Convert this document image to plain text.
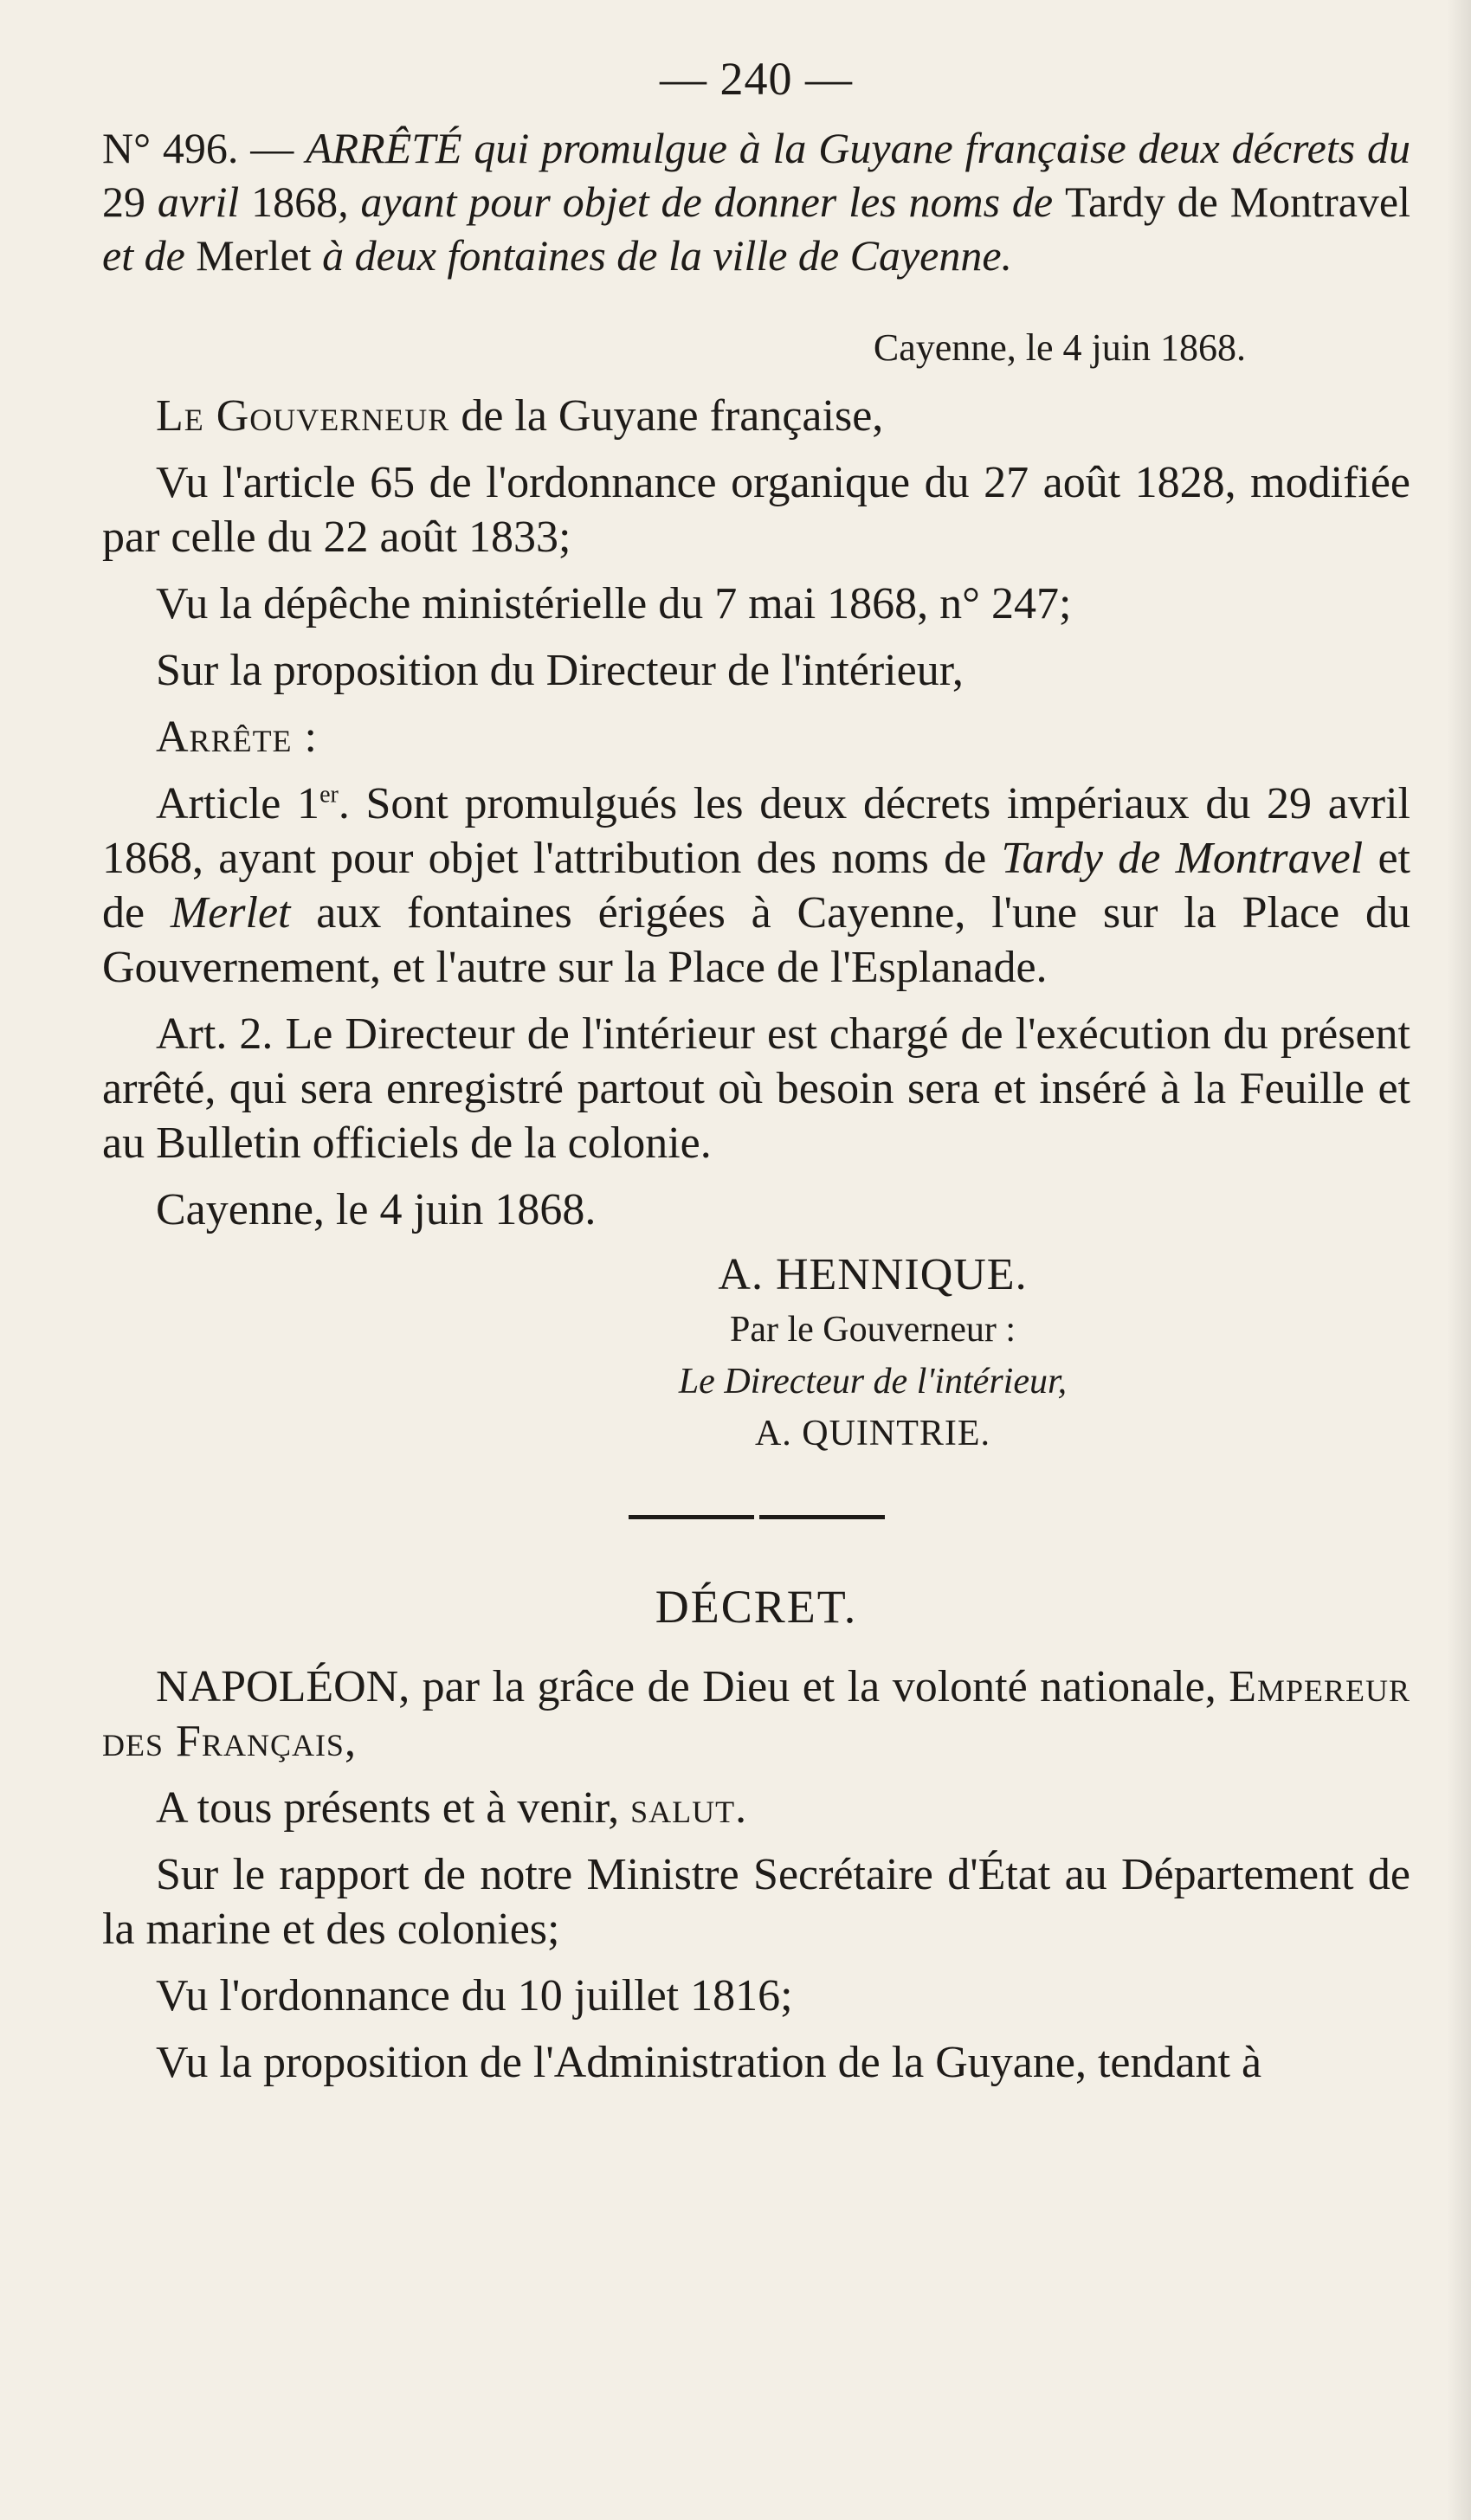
— 240 —

N° 496. — ARRÊTÉ qui promulgue à la Guyane française deux décrets du 29 avril 1868, ayant pour objet de donner les noms de Tardy de Montravel et de Merlet à deux fontaines de la ville de Cayenne.

Cayenne, le 4 juin 1868.

Le Gouverneur de la Guyane française,

Vu l'article 65 de l'ordonnance organique du 27 août 1828, modifiée par celle du 22 août 1833;

Vu la dépêche ministérielle du 7 mai 1868, n° 247;

Sur la proposition du Directeur de l'intérieur,

Arrête :

Article 1er. Sont promulgués les deux décrets impériaux du 29 avril 1868, ayant pour objet l'attribution des noms de Tardy de Montravel et de Merlet aux fontaines érigées à Cayenne, l'une sur la Place du Gouvernement, et l'autre sur la Place de l'Esplanade.

Art. 2. Le Directeur de l'intérieur est chargé de l'exécution du présent arrêté, qui sera enregistré partout où besoin sera et inséré à la Feuille et au Bulletin officiels de la colonie.

Cayenne, le 4 juin 1868.

A. HENNIQUE.

Par le Gouverneur :

Le Directeur de l'intérieur,

A. QUINTRIE.

DÉCRET.

NAPOLÉON, par la grâce de Dieu et la volonté nationale, Empereur des Français,

A tous présents et à venir, salut.

Sur le rapport de notre Ministre Secrétaire d'État au Département de la marine et des colonies;

Vu l'ordonnance du 10 juillet 1816;

Vu la proposition de l'Administration de la Guyane, tendant à
